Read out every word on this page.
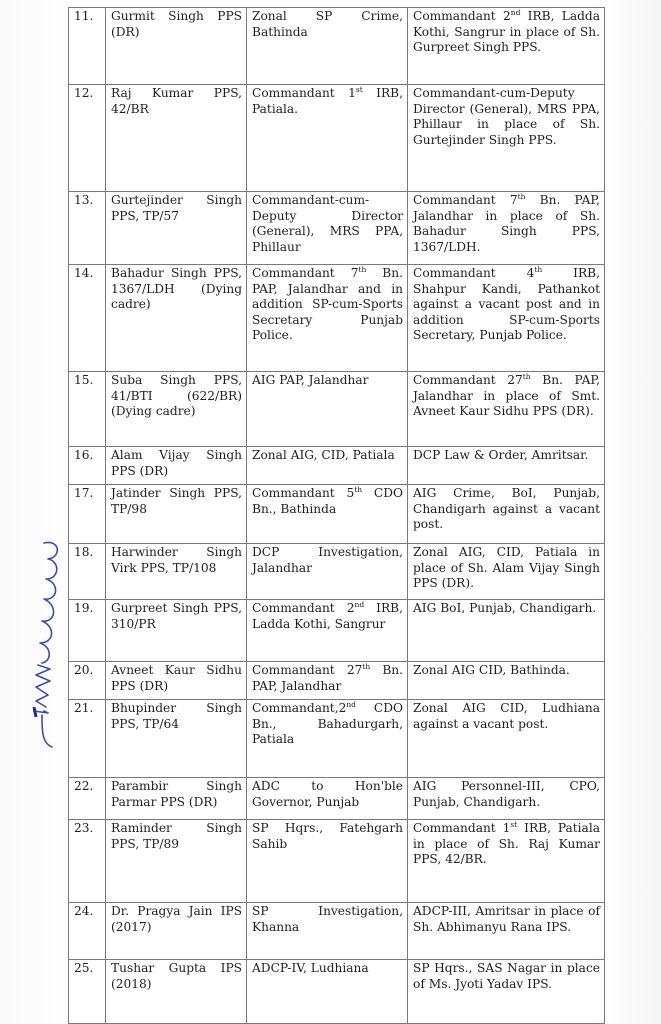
11.	Gurmit Singh PPS (DR)	Zonal SP Crime, Bathinda	Commandant 2nd IRB, Ladda Kothi, Sangrur in place of Sh. Gurpreet Singh PPS.
12.	Raj Kumar PPS, 42/BR	Commandant 1st IRB, Patiala.	Commandant-cum-Deputy Director (General), MRS PPA, Phillaur in place of Sh. Gurtejinder Singh PPS.
13.	Gurtejinder Singh PPS, TP/57	Commandant-cum-Deputy Director (General), MRS PPA, Phillaur	Commandant 7th Bn. PAP, Jalandhar in place of Sh. Bahadur Singh PPS, 1367/LDH.
14.	Bahadur Singh PPS, 1367/LDH (Dying cadre)	Commandant 7th Bn. PAP, Jalandhar and in addition SP-cum-Sports Secretary Punjab Police.	Commandant 4th IRB, Shahpur Kandi, Pathankot against a vacant post and in addition SP-cum-Sports Secretary, Punjab Police.
15.	Suba Singh PPS, 41/BTI (622/BR) (Dying cadre)	AIG PAP, Jalandhar	Commandant 27th Bn. PAP, Jalandhar in place of Smt. Avneet Kaur Sidhu PPS (DR).
16.	Alam Vijay Singh PPS (DR)	Zonal AIG, CID, Patiala	DCP Law & Order, Amritsar.
17.	Jatinder Singh PPS, TP/98	Commandant 5th CDO Bn., Bathinda	AIG Crime, BoI, Punjab, Chandigarh against a vacant post.
18.	Harwinder Singh Virk PPS, TP/108	DCP Investigation, Jalandhar	Zonal AIG, CID, Patiala in place of Sh. Alam Vijay Singh PPS (DR).
19.	Gurpreet Singh PPS, 310/PR	Commandant 2nd IRB, Ladda Kothi, Sangrur	AIG BoI, Punjab, Chandigarh.
20.	Avneet Kaur Sidhu PPS (DR)	Commandant 27th Bn. PAP, Jalandhar	Zonal AIG CID, Bathinda.
21.	Bhupinder Singh PPS, TP/64	Commandant,2nd CDO Bn., Bahadurgarh, Patiala	Zonal AIG CID, Ludhiana against a vacant post.
22.	Parambir Singh Parmar PPS (DR)	ADC to Hon'ble Governor, Punjab	AIG Personnel-III, CPO, Punjab, Chandigarh.
23.	Raminder Singh PPS, TP/89	SP Hqrs., Fatehgarh Sahib	Commandant 1st IRB, Patiala in place of Sh. Raj Kumar PPS, 42/BR.
24.	Dr. Pragya Jain IPS (2017)	SP Investigation, Khanna	ADCP-III, Amritsar in place of Sh. Abhimanyu Rana IPS.
25.	Tushar Gupta IPS (2018)	ADCP-IV, Ludhiana	SP Hqrs., SAS Nagar in place of Ms. Jyoti Yadav IPS.
